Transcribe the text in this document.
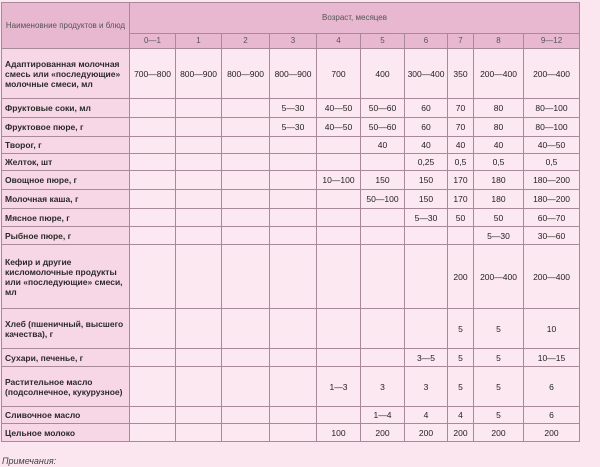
Наименовние продуктов и блюд	Возраст, месяцев									
	0—1	1	2	3	4	5	6	7	8	9—12
Адаптированная молочная смесь или «последующие» молочные смеси, мл	700—800	800—900	800—900	800—900	700	400	300—400	350	200—400	200—400
Фруктовые соки, мл				5—30	40—50	50—60	60	70	80	80—100
Фруктовое пюре, г				5—30	40—50	50—60	60	70	80	80—100
Творог, г						40	40	40	40	40—50
Желток, шт							0,25	0,5	0,5	0,5
Овощное пюре, г					10—100	150	150	170	180	180—200
Молочная каша, г						50—100	150	170	180	180—200
Мясное пюре, г							5—30	50	50	60—70
Рыбное пюре, г									5—30	30—60
Кефир и другие кисломолочные продукты или «последующие» смеси, мл								200	200—400	200—400
Хлеб (пшеничный, высшего качества), г								5	5	10
Сухари, печенье, г							3—5	5	5	10—15
Растительное масло (подсолнечное, кукурузное)					1—3	3	3	5	5	6
Сливочное масло						1—4	4	4	5	6
Цельное молоко					100	200	200	200	200	200
Примечания:
